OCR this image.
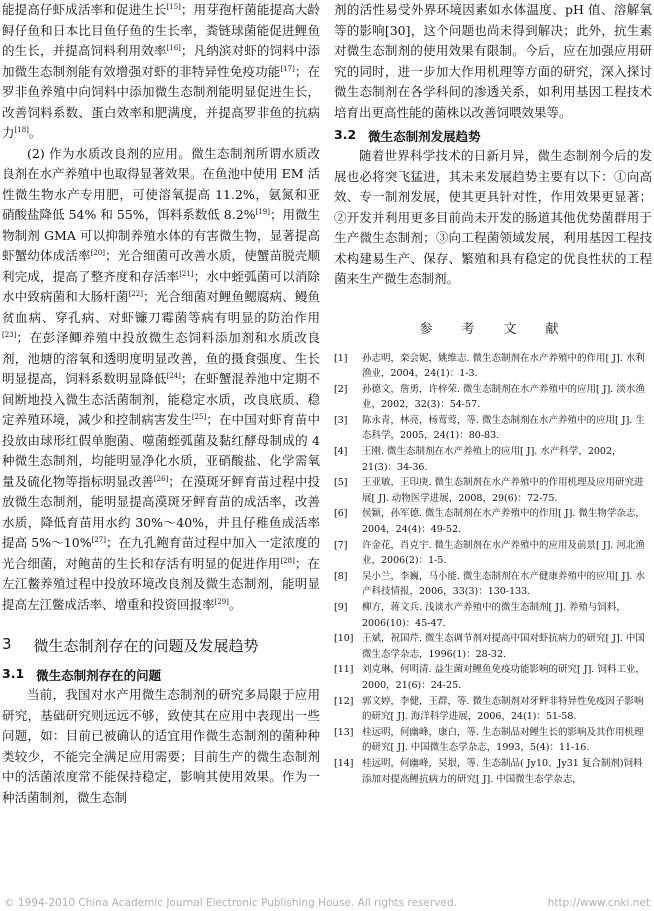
能提高仔虾成活率和促进生长[15]；用芽孢杆菌能提高大龄鲟仔鱼和日本比目鱼仔鱼的生长率，粪链球菌能促进鲤鱼的生长，并提高饲料利用效率[16]；凡纳滨对虾的饲料中添加微生态制剂能有效增强对虾的非特异性免疫功能[17]；在罗非鱼养殖中向饲料中添加微生态制剂能明显促进生长，改善饲料系数、蛋白效率和肥满度，并提高罗非鱼的抗病力[18]。

(2) 作为水质改良剂的应用。微生态制剂所谓水质改良剂在水产养殖中也取得显著效果。在鱼池中使用 EM 活性微生物水产专用肥，可使溶氧提高 11.2%，氨氮和亚硝酸盐降低 54% 和 55%，饵料系数低 8.2%[19]；用微生物制剂 GMA 可以抑制养殖水体的有害微生物，显著提高虾蟹幼体成活率[20]；光合细菌可改善水质，使蟹苗脱壳顺利完成，提高了整齐度和存活率[21]；水中蛭弧菌可以消除水中致病菌和大肠杆菌[22]；光合细菌对鲤鱼鳃腐病、鳗鱼贫血病、穿孔病、对虾镰刀霉菌等病有明显的防治作用[23]；在彭泽鲫养殖中投放微生态饲料添加剂和水质改良剂，池塘的溶氧和透明度明显改善，鱼的摄食强度、生长明显提高，饲料系数明显降低[24]；在虾蟹混养池中定期不间断地投入微生态活菌制剂，能稳定水质，改良底质、稳定养殖环境，减少和控制病害发生[25]；在中国对虾育苗中投放由球形红假单胞菌、噬菌蛭弧菌及黏红酵母制成的 4 种微生态制剂，均能明显净化水质，亚硝酸盐、化学需氧量及硫化物等指标明显改善[26]；在漠斑牙鲆育苗过程中投放微生态制剂，能明显提高漠斑牙鲆育苗的成活率，改善水质，降低育苗用水约 30%～40%，并且仔稚鱼成活率提高 5%～10%[27]；在九孔鲍育苗过程中加入一定浓度的光合细菌，对鲍苗的生长和存活有明显的促进作用[28]；在左江鳖养殖过程中投放环境改良剂及微生态制剂，能明显提高左江鳖成活率、增重和投资回报率[29]。

3 微生态制剂存在的问题及发展趋势
3.1 微生态制剂存在的问题

当前，我国对水产用微生态制剂的研究多局限于应用研究，基础研究则远远不够，致使其在应用中表现出一些问题，如：目前已被确认的适宜用作微生态制剂的菌种种类较少，不能完全满足应用需要；目前生产的微生态制剂中的活菌浓度常不能保持稳定，影响其使用效果。作为一种活菌制剂，微生态制

剂的活性易受外界环境因素如水体温度、pH 值、溶解氧等的影响[30]，这个问题也尚未得到解决；此外，抗生素对微生态制剂的使用效果有限制。今后，应在加强应用研究的同时，进一步加大作用机理等方面的研究，深入探讨微生态制剂在各学科间的渗透关系，如利用基因工程技术培育出更高性能的菌株以改善饲喂效果等。

3.2 微生态制剂发展趋势

随着世界科学技术的日新月异，微生态制剂今后的发展也必将突飞猛进，其未来发展趋势主要有以下：①向高效、专一制剂发展，使其更具针对性，作用效果更显著；②开发并利用更多目前尚未开发的肠道其他优势菌群用于生产微生态制剂；③向工程菌领域发展，利用基因工程技术构建易生产、保存、繁殖和具有稳定的优良性状的工程菌来生产微生态制剂。

参　考　文　献
[1]	孙志明，栾会妮，姚维志. 微生态制剂在水产养殖中的作用[ J]. 水利渔业，2004，24(1)：1-3.
[2]	孙德文，詹勇，许梓荣. 微生态制剂在水产养殖中的应用[ J]. 淡水渔业，2002，32(3)：54-57.
[3]	陈永青，林亮，杨莺莺，等. 微生态制剂在水产养殖中的应用[ J]. 生态科学，2005，24(1)：80-83.
[4]	王刚. 微生态制剂在水产养殖上的应用[ J]. 水产科学，2002，21(3)：34-36.
[5]	王亚敏，王印庚. 微生态制剂在水产养殖中的作用机理及应用研究进展[ J]. 动物医学进展，2008，29(6)：72-75.
[6]	侯颖，孙军德. 微生态制剂在水产养殖中的作用[ J]. 微生物学杂志，2004，24(4)：49-52.
[7]	许金花，肖克宇. 微生态制剂在水产养殖中的应用及前景[ J]. 河北渔业，2006(2)：1-5.
[8]	吴小兰，李巍，马小能. 微生态制剂在水产健康养殖中的应用[ J]. 水产科技情报，2006，33(3)：130-133.
[9]	柳方，蒋文兵. 浅谈水产养殖中的微生态制剂[ J]. 养殖与饲料，2006(10)：45-47.
[10] 王斌，祝国芹. 微生态调节剂对提高中国对虾抗病力的研究[ J]. 中国微生态学杂志，1996(1)：28-32.
[11] 刘克琳，何明清. 益生菌对鲤鱼免疫功能影响的研究[ J]. 饲料工业，2000，21(6)：24-25.
[12] 郭文婷，李健，王群，等. 微生态制剂对牙鲆非特异性免疫因子影响的研究[ J]. 海洋科学进展，2006，24(1)：51-58.
[13] 桂远明，何幽峰，康白，等. 生态制品对鲤生长的影响及其作用机理的研究[ J]. 中国微生态学杂志，1993，5(4)：11-16.
[14] 桂远明，何幽峰，吴垠，等. 生态制品( Jy10、Jy31 复合制剂)饲料添加对提高鲤抗病力的研究[ J]. 中国微生态学杂志，
© 1994-2010 China Academic Journal Electronic Publishing House. All rights reserved.	http://www.cnki.net
